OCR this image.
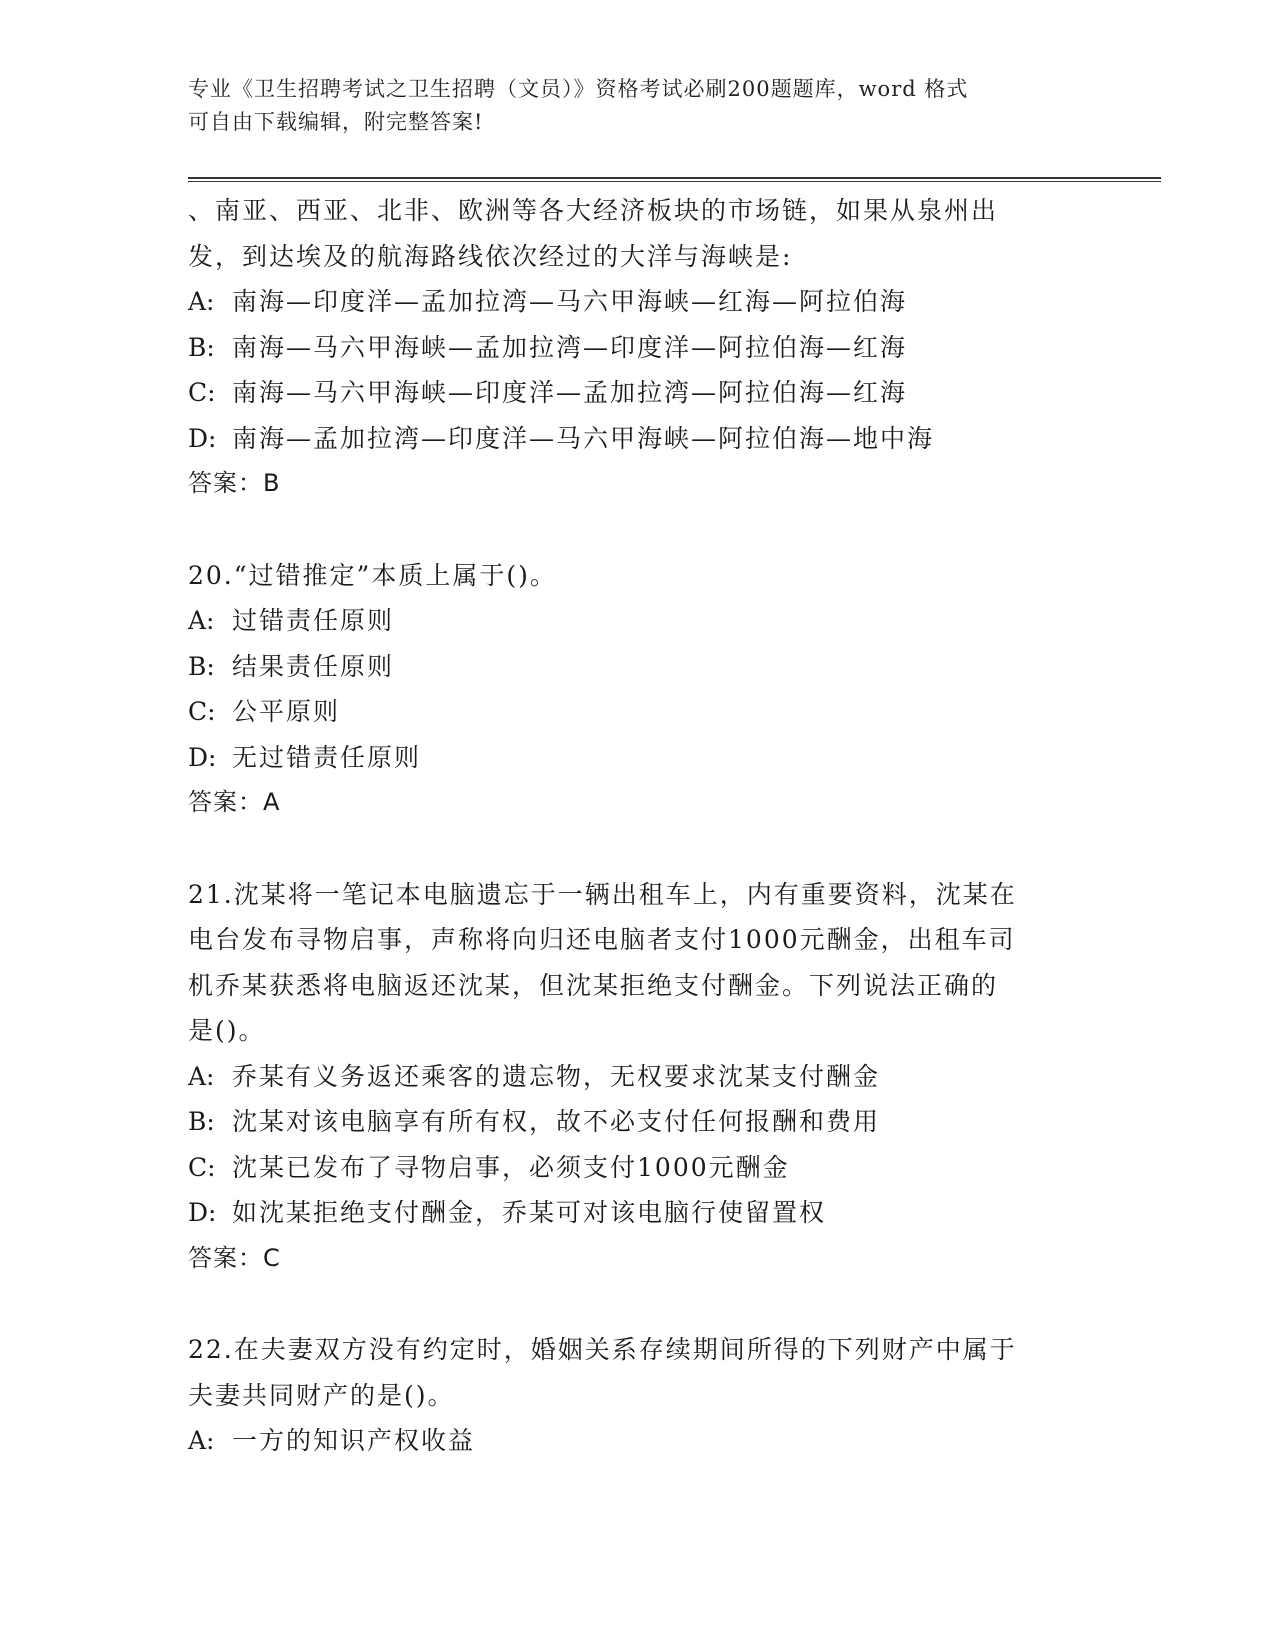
专业《卫生招聘考试之卫生招聘（文员）》资格考试必刷200题题库，word 格式
可自由下载编辑，附完整答案!
、南亚、西亚、北非、欧洲等各大经济板块的市场链，如果从泉州出
发，到达埃及的航海路线依次经过的大洋与海峡是:
A: 南海—印度洋—孟加拉湾—马六甲海峡—红海—阿拉伯海
B: 南海—马六甲海峡—孟加拉湾—印度洋—阿拉伯海—红海
C: 南海—马六甲海峡—印度洋—孟加拉湾—阿拉伯海—红海
D: 南海—孟加拉湾—印度洋—马六甲海峡—阿拉伯海—地中海
答案：B
20.“过错推定”本质上属于()。
A: 过错责任原则
B: 结果责任原则
C: 公平原则
D: 无过错责任原则
答案：A
21.沈某将一笔记本电脑遗忘于一辆出租车上，内有重要资料，沈某在
电台发布寻物启事，声称将向归还电脑者支付1000元酬金，出租车司
机乔某获悉将电脑返还沈某，但沈某拒绝支付酬金。下列说法正确的
是()。
A: 乔某有义务返还乘客的遗忘物，无权要求沈某支付酬金
B: 沈某对该电脑享有所有权，故不必支付任何报酬和费用
C: 沈某已发布了寻物启事，必须支付1000元酬金
D: 如沈某拒绝支付酬金，乔某可对该电脑行使留置权
答案：C
22.在夫妻双方没有约定时，婚姻关系存续期间所得的下列财产中属于
夫妻共同财产的是()。
A: 一方的知识产权收益
